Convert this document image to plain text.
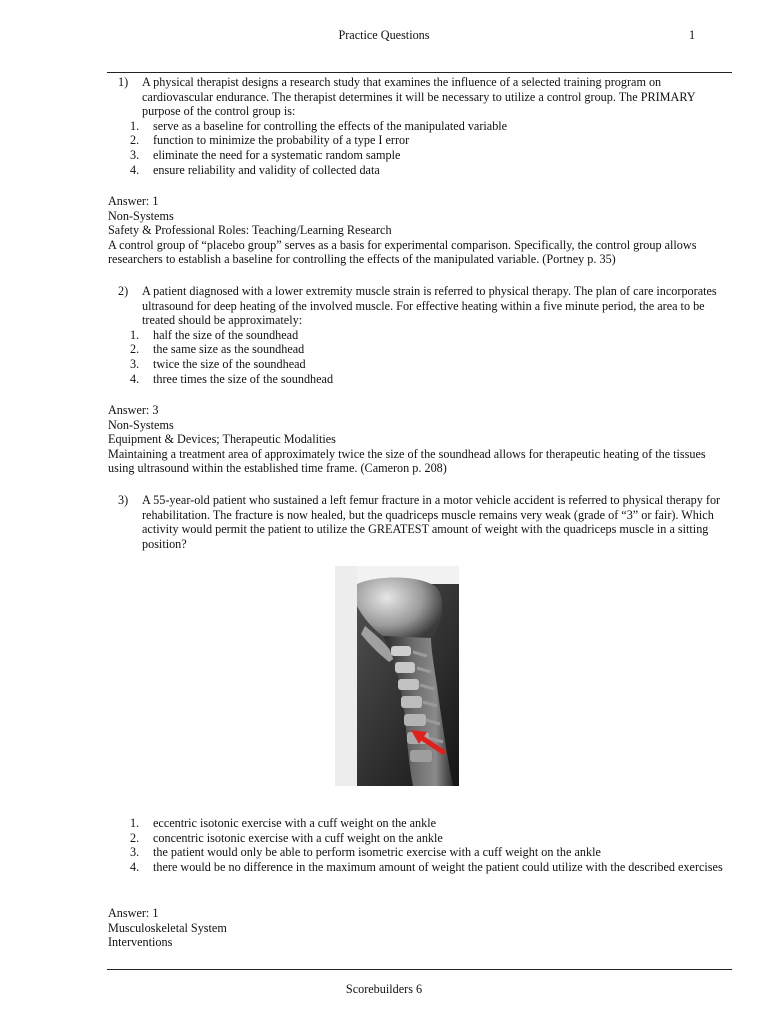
Practice Questions	1
1) A physical therapist designs a research study that examines the influence of a selected training program on cardiovascular endurance. The therapist determines it will be necessary to utilize a control group. The PRIMARY purpose of the control group is:
1. serve as a baseline for controlling the effects of the manipulated variable
2. function to minimize the probability of a type I error
3. eliminate the need for a systematic random sample
4. ensure reliability and validity of collected data

Answer: 1

Non-Systems

Safety & Professional Roles: Teaching/Learning Research

A control group of “placebo group” serves as a basis for experimental comparison. Specifically, the control group allows researchers to establish a baseline for controlling the effects of the manipulated variable. (Portney p. 35)

2) A patient diagnosed with a lower extremity muscle strain is referred to physical therapy. The plan of care incorporates ultrasound for deep heating of the involved muscle. For effective heating within a five minute period, the area to be treated should be approximately:
1. half the size of the soundhead
2. the same size as the soundhead
3. twice the size of the soundhead
4. three times the size of the soundhead

Answer: 3

Non-Systems

Equipment & Devices; Therapeutic Modalities

Maintaining a treatment area of approximately twice the size of the soundhead allows for therapeutic heating of the tissues using ultrasound within the established time frame. (Cameron p. 208)

3) A 55-year-old patient who sustained a left femur fracture in a motor vehicle accident is referred to physical therapy for rehabilitation. The fracture is now healed, but the quadriceps muscle remains very weak (grade of “3” or fair). Which activity would permit the patient to utilize the GREATEST amount of weight with the quadriceps muscle in a sitting position?
1. eccentric isotonic exercise with a cuff weight on the ankle
2. concentric isotonic exercise with a cuff weight on the ankle
3. the patient would only be able to perform isometric exercise with a cuff weight on the ankle
4. there would be no difference in the maximum amount of weight the patient could utilize with the described exercises

Answer: 1

Musculoskeletal System

Interventions

Scorebuilders 6
